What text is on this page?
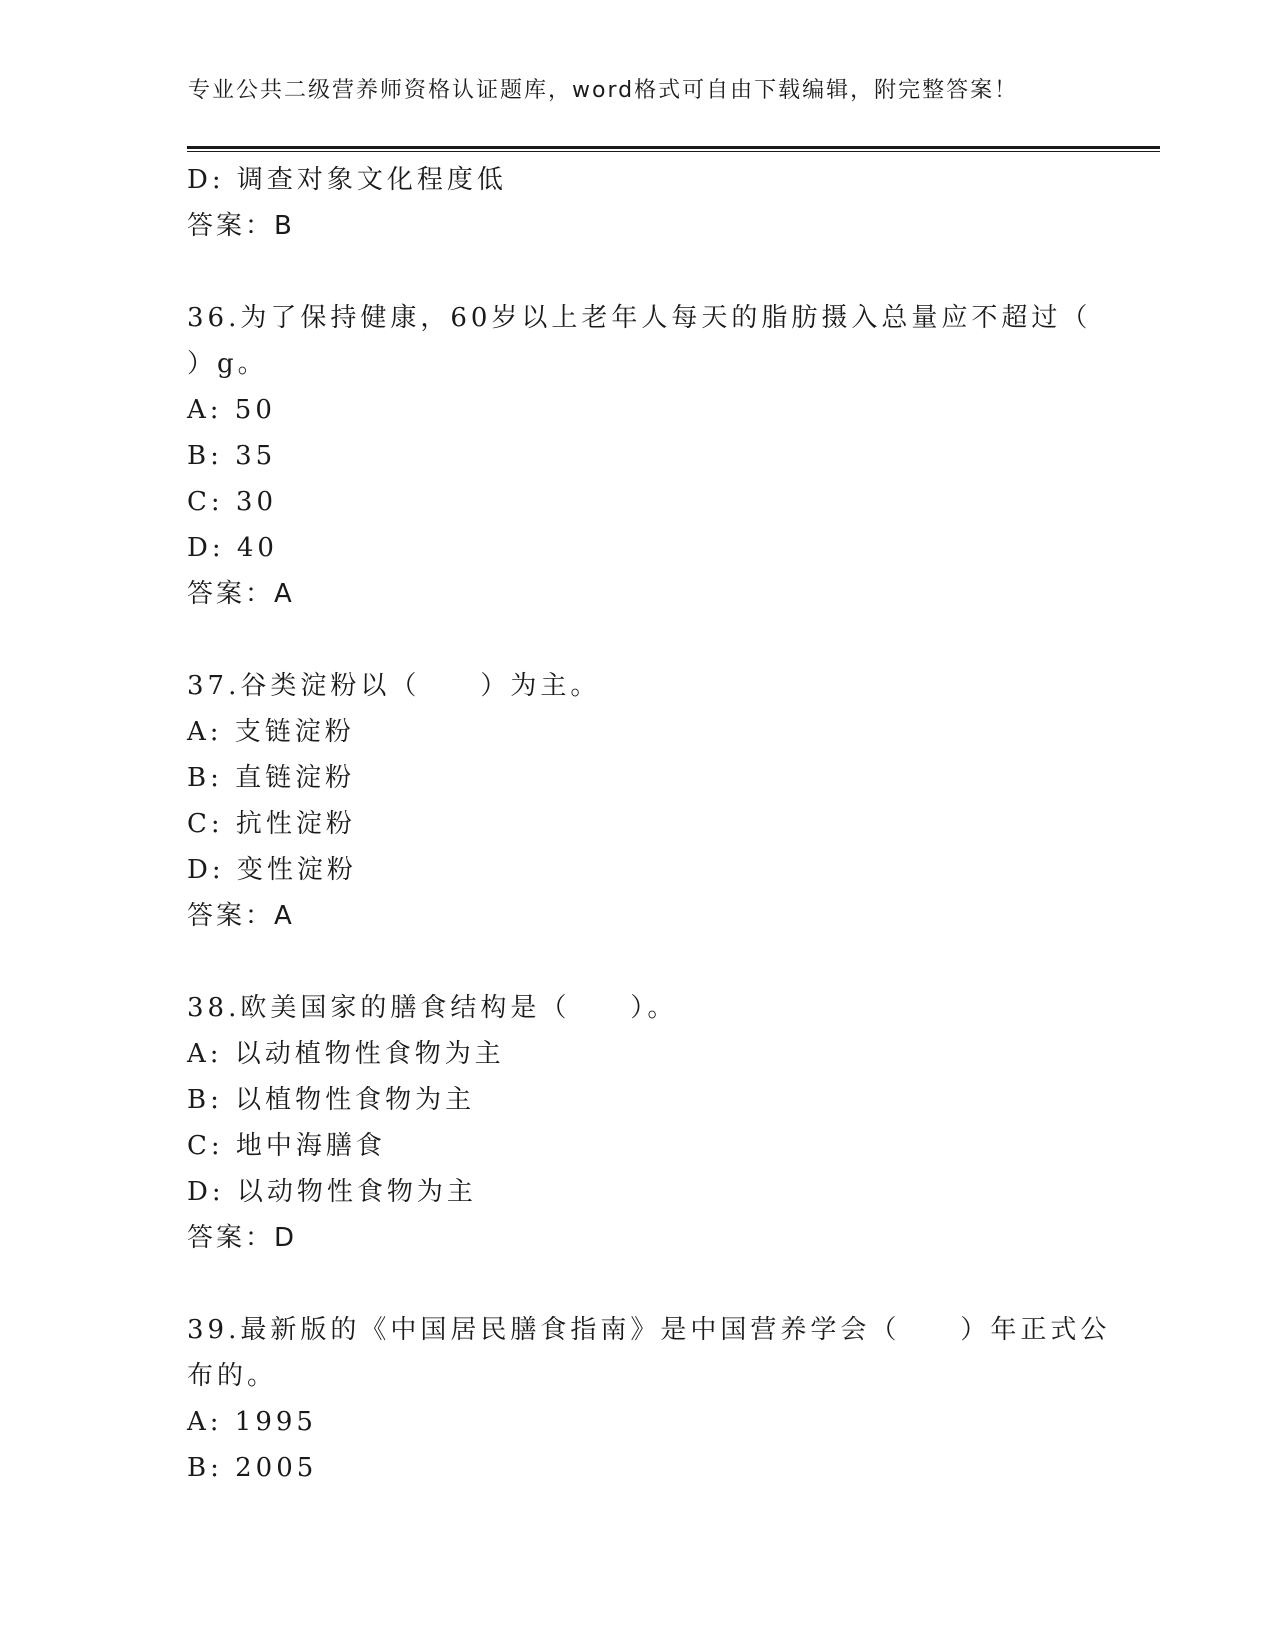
专业公共二级营养师资格认证题库，word格式可自由下载编辑，附完整答案！
D: 调查对象文化程度低
答案：B
36.为了保持健康，60岁以上老年人每天的脂肪摄入总量应不超过（
）g。
A: 50
B: 35
C: 30
D: 40
答案：A
37.谷类淀粉以（　　）为主。
A: 支链淀粉
B: 直链淀粉
C: 抗性淀粉
D: 变性淀粉
答案：A
38.欧美国家的膳食结构是（　　）。
A: 以动植物性食物为主
B: 以植物性食物为主
C: 地中海膳食
D: 以动物性食物为主
答案：D
39.最新版的《中国居民膳食指南》是中国营养学会（　　）年正式公
布的。
A: 1995
B: 2005
